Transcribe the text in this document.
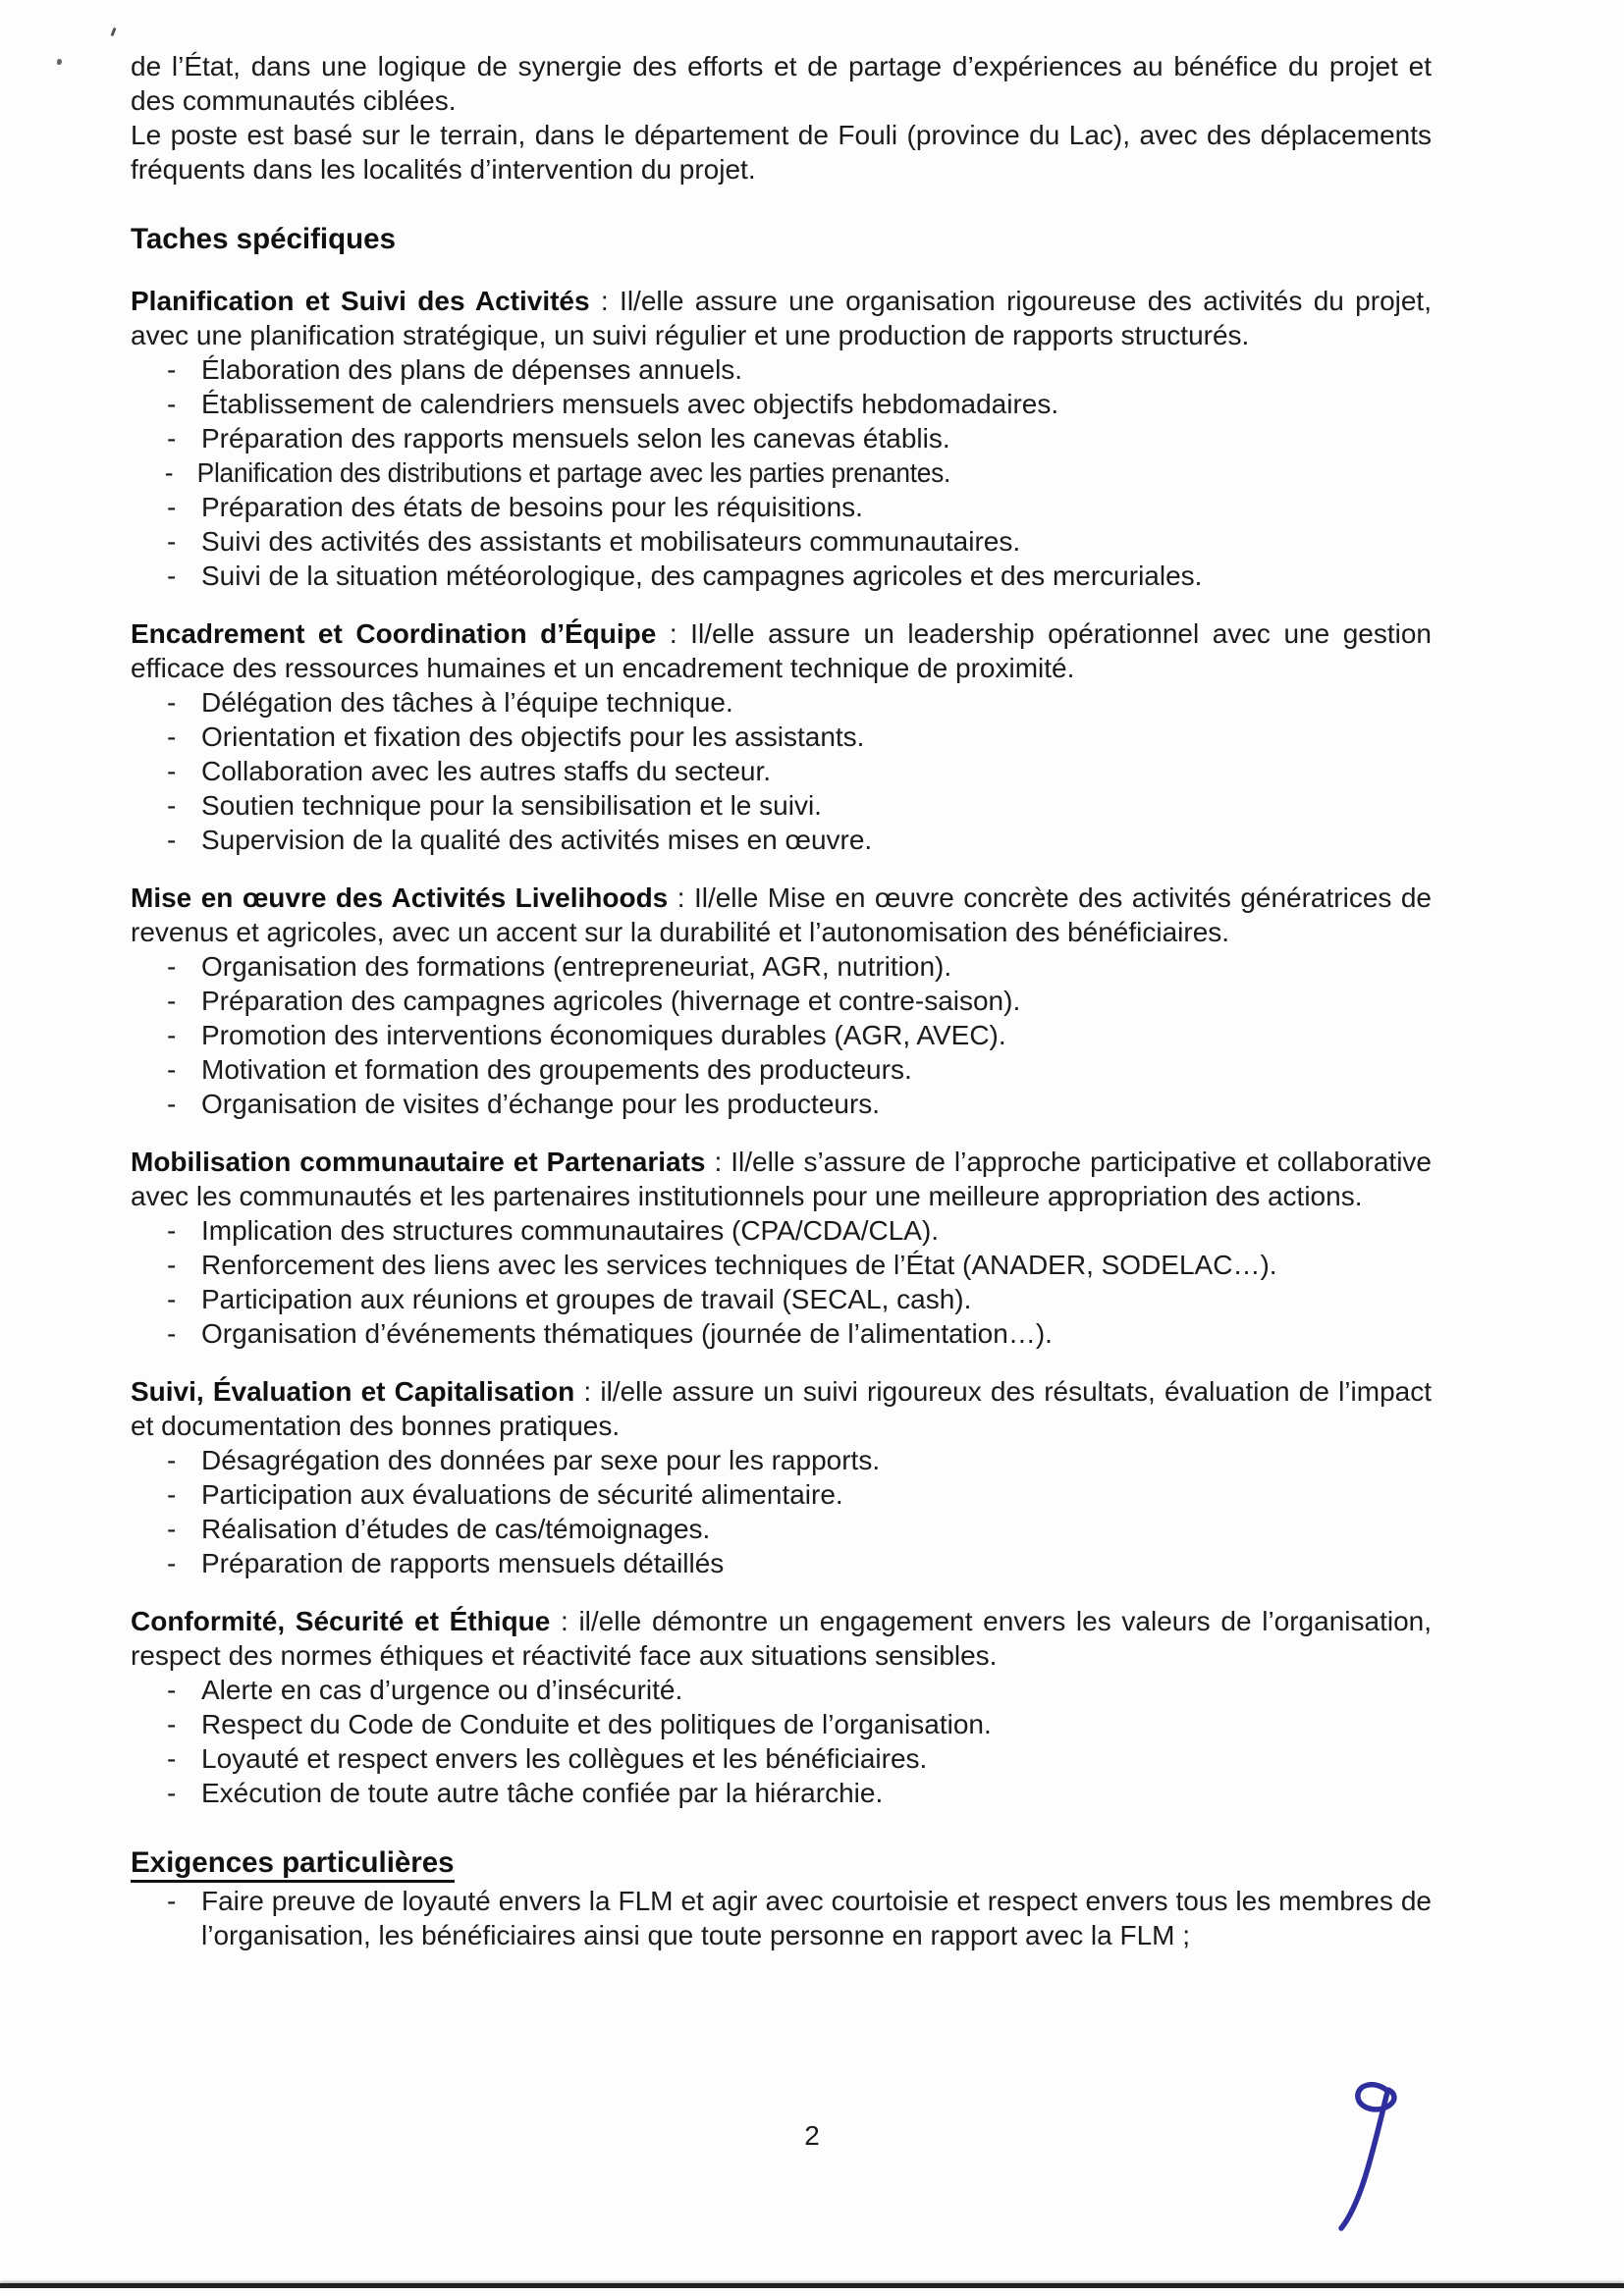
de l’État, dans une logique de synergie des efforts et de partage d’expériences au bénéfice du projet et des communautés ciblées.

Le poste est basé sur le terrain, dans le département de Fouli (province du Lac), avec des déplacements fréquents dans les localités d’intervention du projet.

Taches spécifiques

Planification et Suivi des Activités : Il/elle assure une organisation rigoureuse des activités du projet, avec une planification stratégique, un suivi régulier et une production de rapports structurés.

- Élaboration des plans de dépenses annuels.
- Établissement de calendriers mensuels avec objectifs hebdomadaires.
- Préparation des rapports mensuels selon les canevas établis.
- Planification des distributions et partage avec les parties prenantes.
- Préparation des états de besoins pour les réquisitions.
- Suivi des activités des assistants et mobilisateurs communautaires.
- Suivi de la situation météorologique, des campagnes agricoles et des mercuriales.

Encadrement et Coordination d’Équipe : Il/elle assure un leadership opérationnel avec une gestion efficace des ressources humaines et un encadrement technique de proximité.

- Délégation des tâches à l’équipe technique.
- Orientation et fixation des objectifs pour les assistants.
- Collaboration avec les autres staffs du secteur.
- Soutien technique pour la sensibilisation et le suivi.
- Supervision de la qualité des activités mises en œuvre.

Mise en œuvre des Activités Livelihoods : Il/elle Mise en œuvre concrète des activités génératrices de revenus et agricoles, avec un accent sur la durabilité et l’autonomisation des bénéficiaires.

- Organisation des formations (entrepreneuriat, AGR, nutrition).
- Préparation des campagnes agricoles (hivernage et contre-saison).
- Promotion des interventions économiques durables (AGR, AVEC).
- Motivation et formation des groupements des producteurs.
- Organisation de visites d’échange pour les producteurs.

Mobilisation communautaire et Partenariats : Il/elle s’assure de l’approche participative et collaborative avec les communautés et les partenaires institutionnels pour une meilleure appropriation des actions.

- Implication des structures communautaires (CPA/CDA/CLA).
- Renforcement des liens avec les services techniques de l’État (ANADER, SODELAC…).
- Participation aux réunions et groupes de travail (SECAL, cash).
- Organisation d’événements thématiques (journée de l’alimentation…).

Suivi, Évaluation et Capitalisation : il/elle assure un suivi rigoureux des résultats, évaluation de l’impact et documentation des bonnes pratiques.

- Désagrégation des données par sexe pour les rapports.
- Participation aux évaluations de sécurité alimentaire.
- Réalisation d’études de cas/témoignages.
- Préparation de rapports mensuels détaillés

Conformité, Sécurité et Éthique : il/elle démontre un engagement envers les valeurs de l’organisation, respect des normes éthiques et réactivité face aux situations sensibles.

- Alerte en cas d’urgence ou d’insécurité.
- Respect du Code de Conduite et des politiques de l’organisation.
- Loyauté et respect envers les collègues et les bénéficiaires.
- Exécution de toute autre tâche confiée par la hiérarchie.
Exigences particulières
- Faire preuve de loyauté envers la FLM et agir avec courtoisie et respect envers tous les membres de l’organisation, les bénéficiaires ainsi que toute personne en rapport avec la FLM ;
2
